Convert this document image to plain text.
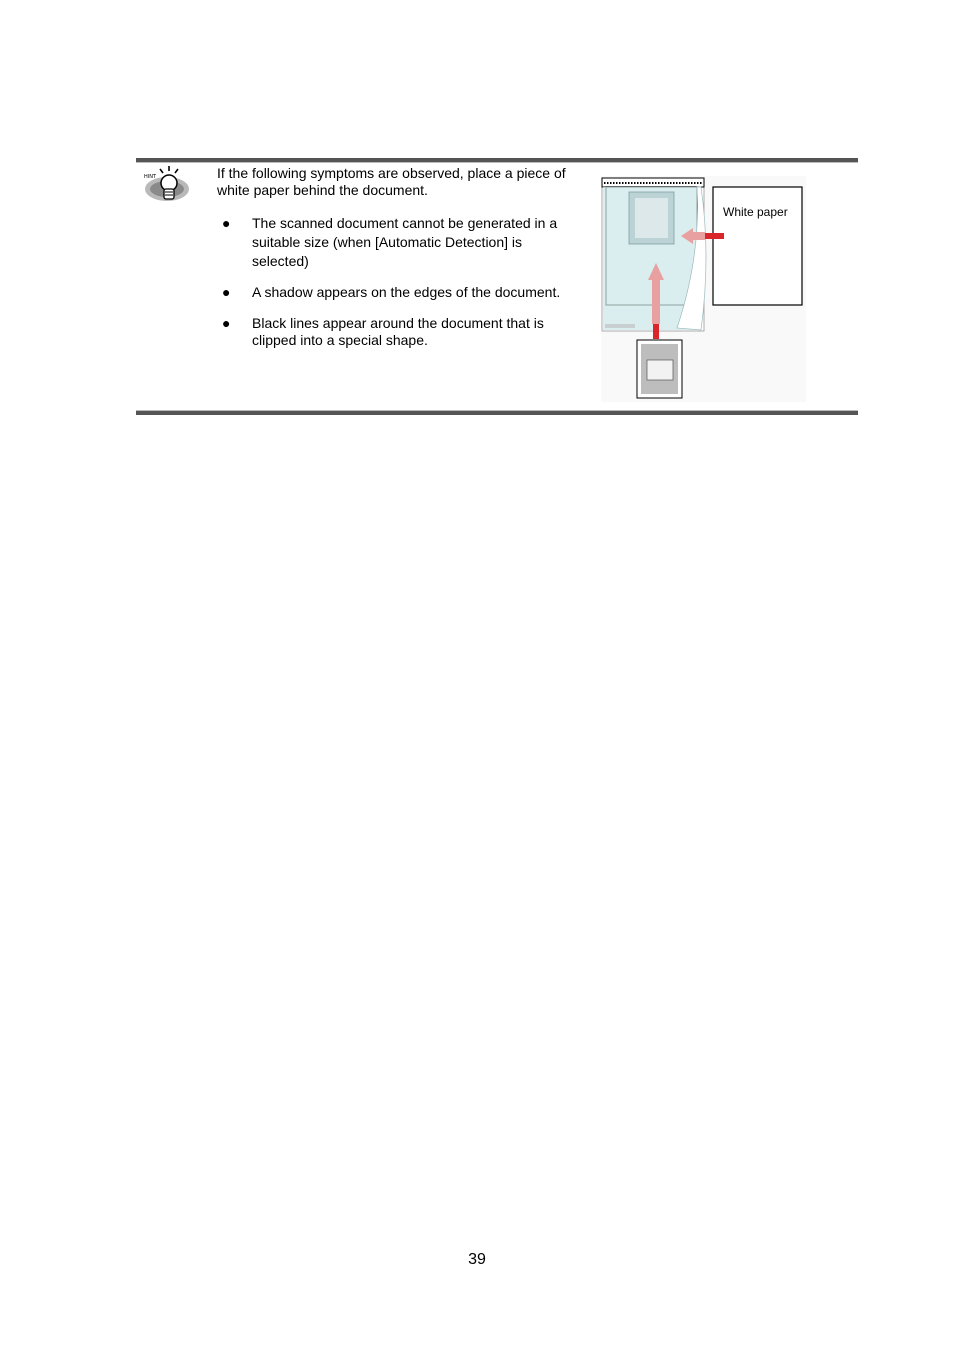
HINT	If the following symptoms are observed, place a piece of white paper behind the document.
● The scanned document cannot be generated in a suitable size (when [Automatic Detection] is selected)
● A shadow appears on the edges of the document.
● Black lines appear around the document that is clipped into a special shape.
White paper
39
